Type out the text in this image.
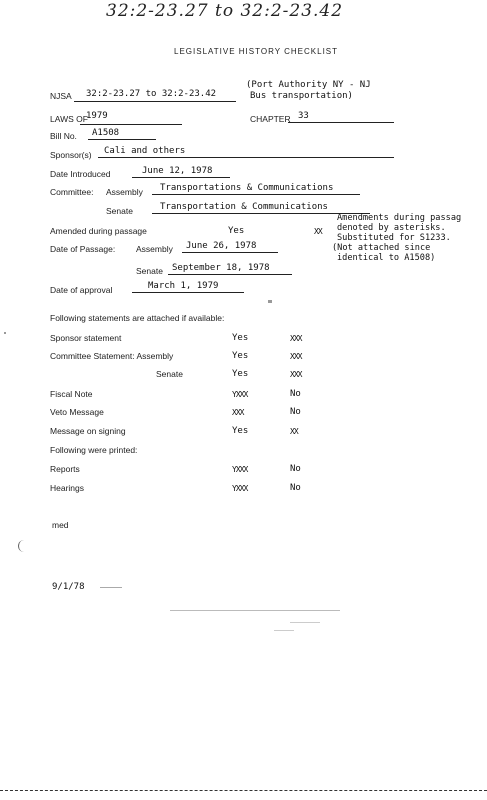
32:2-23.27 to 32:2-23.42
LEGISLATIVE HISTORY CHECKLIST
NJSA 32:2-23.27 to 32:2-23.42
(Port Authority NY - NJ
Bus transportation)
LAWS OF
1979	CHAPTER 33
Bill No. A1508
Sponsor(s) Cali and others
Date Introduced	June 12, 1978
Committee: Assembly Transportations & Communications
Senate	Transportation & Communications
Amended during passage	Yes	XX
Amendments during passag
denoted by asterisks.
Substituted for S1233.
(Not attached since
identical to A1508)
Date of Passage: Assembly June 26, 1978
Senate September 18, 1978
Date of approval	March 1, 1979
Following statements are attached if available:
Sponsor statement	Yes	XXX
Committee Statement: Assembly	Yes	XXX
Senate	Yes	XXX
Fiscal Note	YXXX	No
Veto Message	XXX	No
Message on signing	Yes	XX
Following were printed:
Reports	YXXX	No
Hearings	YXXX	No
med
9/1/78
